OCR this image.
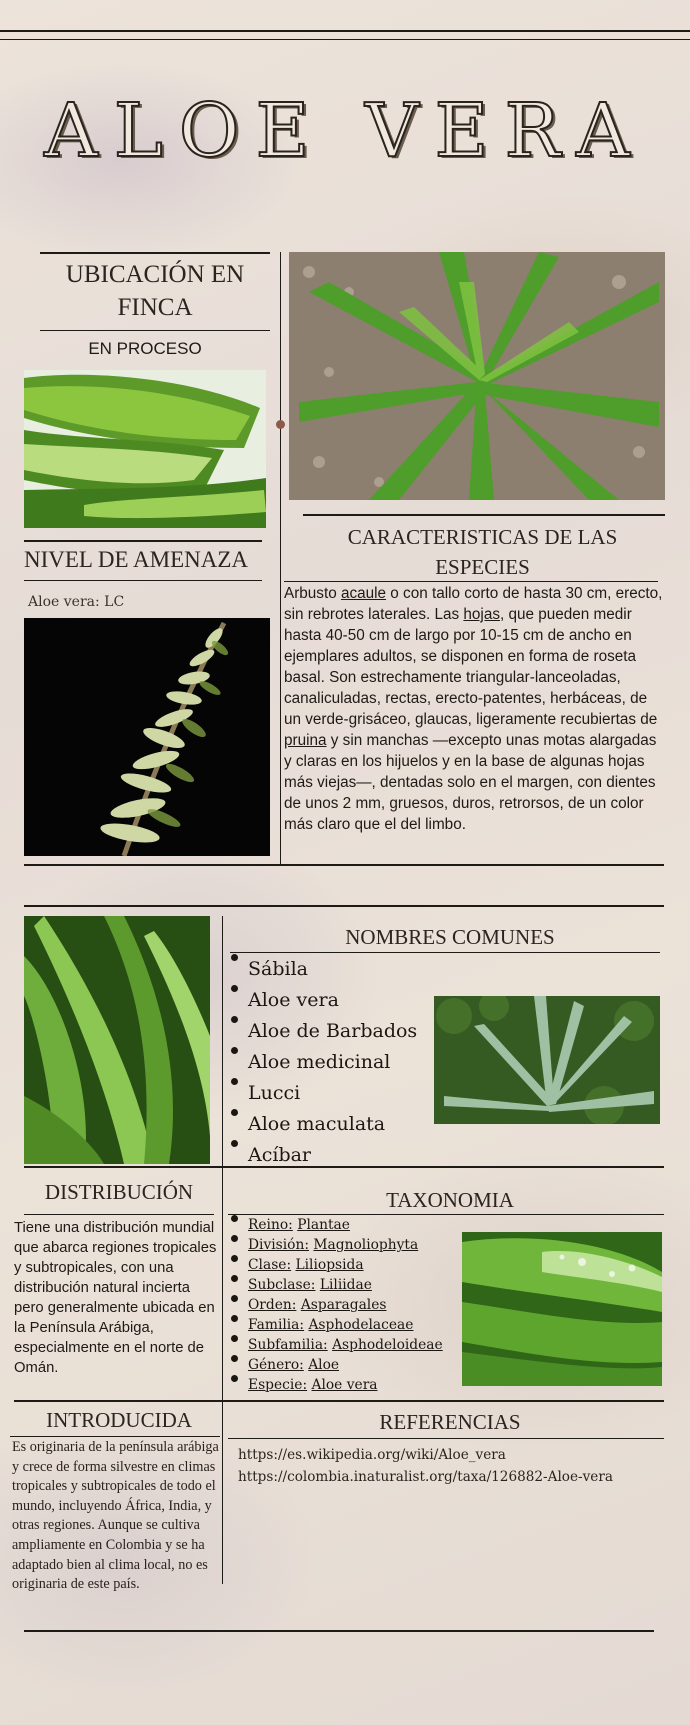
ALOE VERA
UBICACIÓN EN FINCA
EN PROCESO
NIVEL DE AMENAZA
Aloe vera: LC
CARACTERISTICAS DE LAS ESPECIES
Arbusto acaule o con tallo corto de hasta 30 cm, erecto, sin rebrotes laterales. Las hojas, que pueden medir hasta 40-50 cm de largo por 10-15 cm de ancho en ejemplares adultos, se disponen en forma de roseta basal. Son estrechamente triangular-lanceoladas, canaliculadas, rectas, erecto-patentes, herbáceas, de un verde-grisáceo, glaucas, ligeramente recubiertas de pruina y sin manchas —excepto unas motas alargadas y claras en los hijuelos y en la base de algunas hojas más viejas—, dentadas solo en el margen, con dientes de unos 2 mm, gruesos, duros, retrorsos, de un color más claro que el del limbo.
NOMBRES COMUNES
Sábila
Aloe vera
Aloe de Barbados
Aloe medicinal
Lucci
Aloe maculata
Acíbar
DISTRIBUCIÓN
Tiene una distribución mundial que abarca regiones tropicales y subtropicales, con una distribución natural incierta pero generalmente ubicada en la Península Arábiga, especialmente en el norte de Omán.
TAXONOMIA
Reino: Plantae
División: Magnoliophyta
Clase: Liliopsida
Subclase: Liliidae
Orden: Asparagales
Familia: Asphodelaceae
Subfamilia: Asphodeloideae
Género: Aloe
Especie: Aloe vera
INTRODUCIDA
Es originaria de la península arábiga y crece de forma silvestre en climas tropicales y subtropicales de todo el mundo, incluyendo África, India, y otras regiones. Aunque se cultiva ampliamente en Colombia y se ha adaptado bien al clima local, no es originaria de este país.
REFERENCIAS
https://es.wikipedia.org/wiki/Aloe_vera
https://colombia.inaturalist.org/taxa/126882-Aloe-vera
